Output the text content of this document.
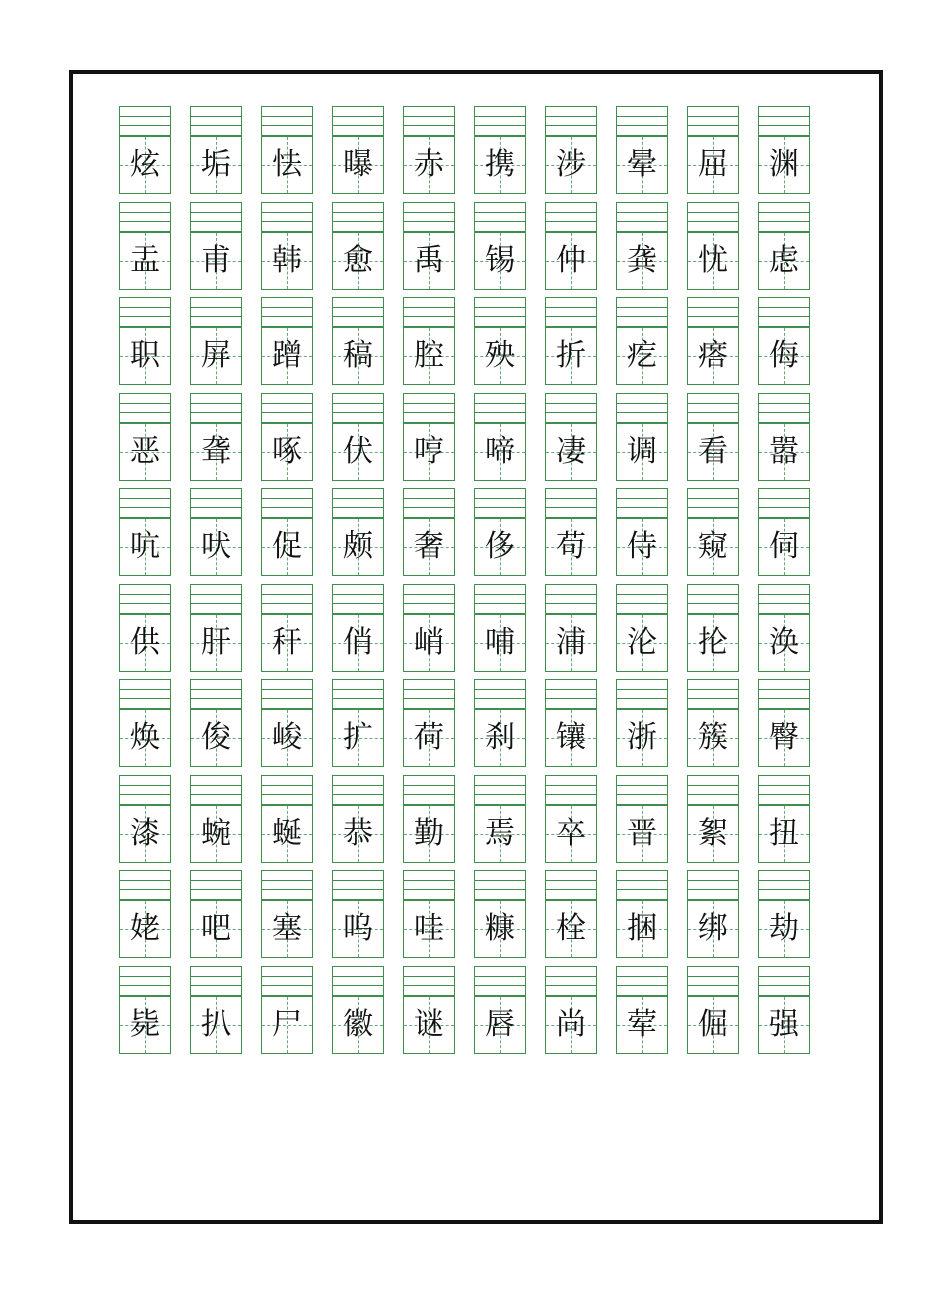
炫	垢	怯	曝	赤	携	涉	晕	屈	渊
盂	甫	韩	愈	禹	锡	仲	龚	忧	虑
职	屏	蹭	稿	腔	殃	折	疙	瘩	侮
恶	聋	啄	伏	哼	啼	凄	调	看	嚣
吭	吠	促	颇	奢	侈	苟	侍	窥	伺
供	肝	秆	俏	峭	哺	浦	沦	抡	涣
焕	俊	峻	扩	荷	刹	镶	浙	簇	臀
漆	蜿	蜒	恭	勤	焉	卒	晋	絮	扭
姥	吧	塞	呜	哇	糠	栓	捆	绑	劫
毙	扒	尸	徽	谜	唇	尚	荤	倔	强
